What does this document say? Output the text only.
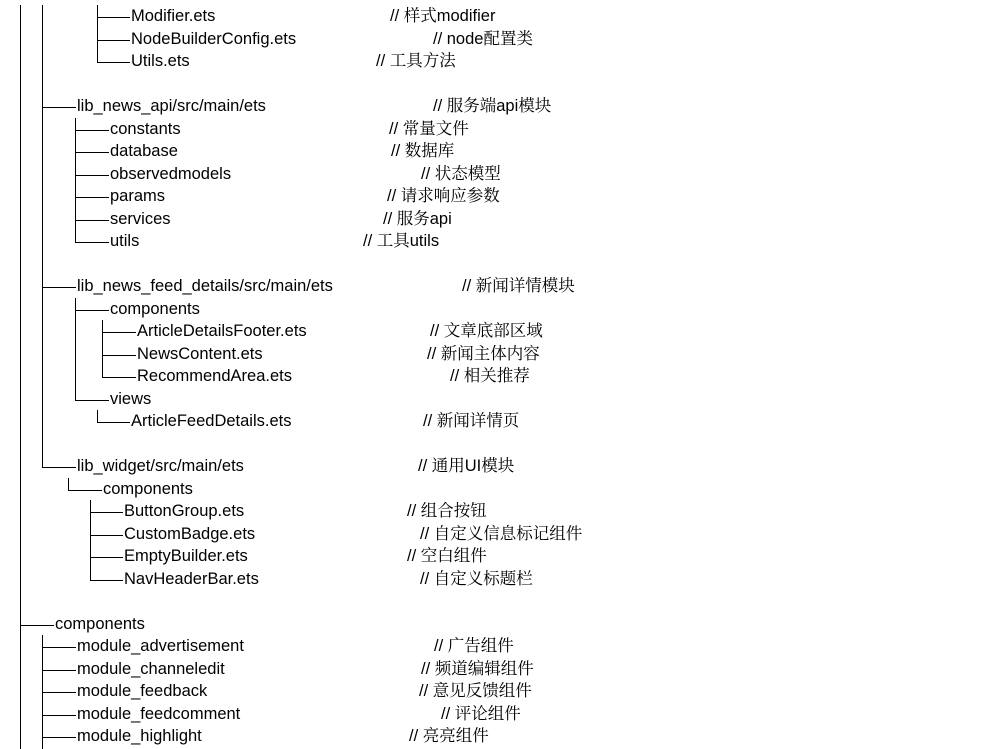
Modifier.ets	// 样式modifier
NodeBuilderConfig.ets	// node配置类
Utils.ets	// 工具方法
lib_news_api/src/main/ets	// 服务端api模块
constants	// 常量文件
database	// 数据库
observedmodels	// 状态模型
params	// 请求响应参数
services	// 服务api
utils	// 工具utils
lib_news_feed_details/src/main/ets	// 新闻详情模块
components
ArticleDetailsFooter.ets	// 文章底部区域
NewsContent.ets	// 新闻主体内容
RecommendArea.ets	// 相关推荐
views
ArticleFeedDetails.ets	// 新闻详情页
lib_widget/src/main/ets	// 通用UI模块
components
ButtonGroup.ets	// 组合按钮
CustomBadge.ets	// 自定义信息标记组件
EmptyBuilder.ets	// 空白组件
NavHeaderBar.ets	// 自定义标题栏
components
module_advertisement	// 广告组件
module_channeledit	// 频道编辑组件
module_feedback	// 意见反馈组件
module_feedcomment	// 评论组件
module_highlight	// 亮亮组件
